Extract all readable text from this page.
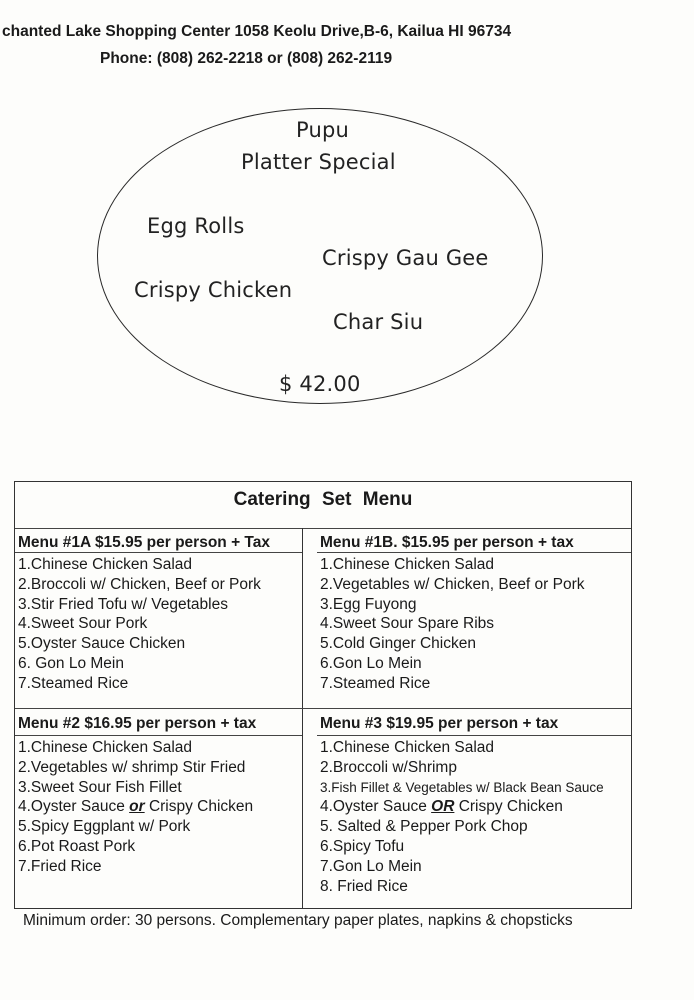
chanted Lake Shopping Center 1058 Keolu Drive,B-6, Kailua HI 96734
Phone: (808) 262-2218 or (808) 262-2119
Pupu
Platter Special
Egg Rolls
Crispy Gau Gee
Crispy Chicken
Char Siu
$ 42.00
Catering Set Menu
Menu #1A $15.95 per person + Tax
1.Chinese Chicken Salad
2.Broccoli w/ Chicken, Beef or Pork
3.Stir Fried Tofu w/ Vegetables
4.Sweet Sour Pork
5.Oyster Sauce Chicken
6. Gon Lo Mein
7.Steamed Rice
Menu #1B. $15.95 per person + tax
1.Chinese Chicken Salad
2.Vegetables w/ Chicken, Beef or Pork
3.Egg Fuyong
4.Sweet Sour Spare Ribs
5.Cold Ginger Chicken
6.Gon Lo Mein
7.Steamed Rice
Menu #2 $16.95 per person + tax
1.Chinese Chicken Salad
2.Vegetables w/ shrimp Stir Fried
3.Sweet Sour Fish Fillet
4.Oyster Sauce or Crispy Chicken
5.Spicy Eggplant w/ Pork
6.Pot Roast Pork
7.Fried Rice
Menu #3 $19.95 per person + tax
1.Chinese Chicken Salad
2.Broccoli w/Shrimp
3.Fish Fillet & Vegetables w/ Black Bean Sauce
4.Oyster Sauce OR Crispy Chicken
5. Salted & Pepper Pork Chop
6.Spicy Tofu
7.Gon Lo Mein
8. Fried Rice
Minimum order: 30 persons. Complementary paper plates, napkins & chopsticks
